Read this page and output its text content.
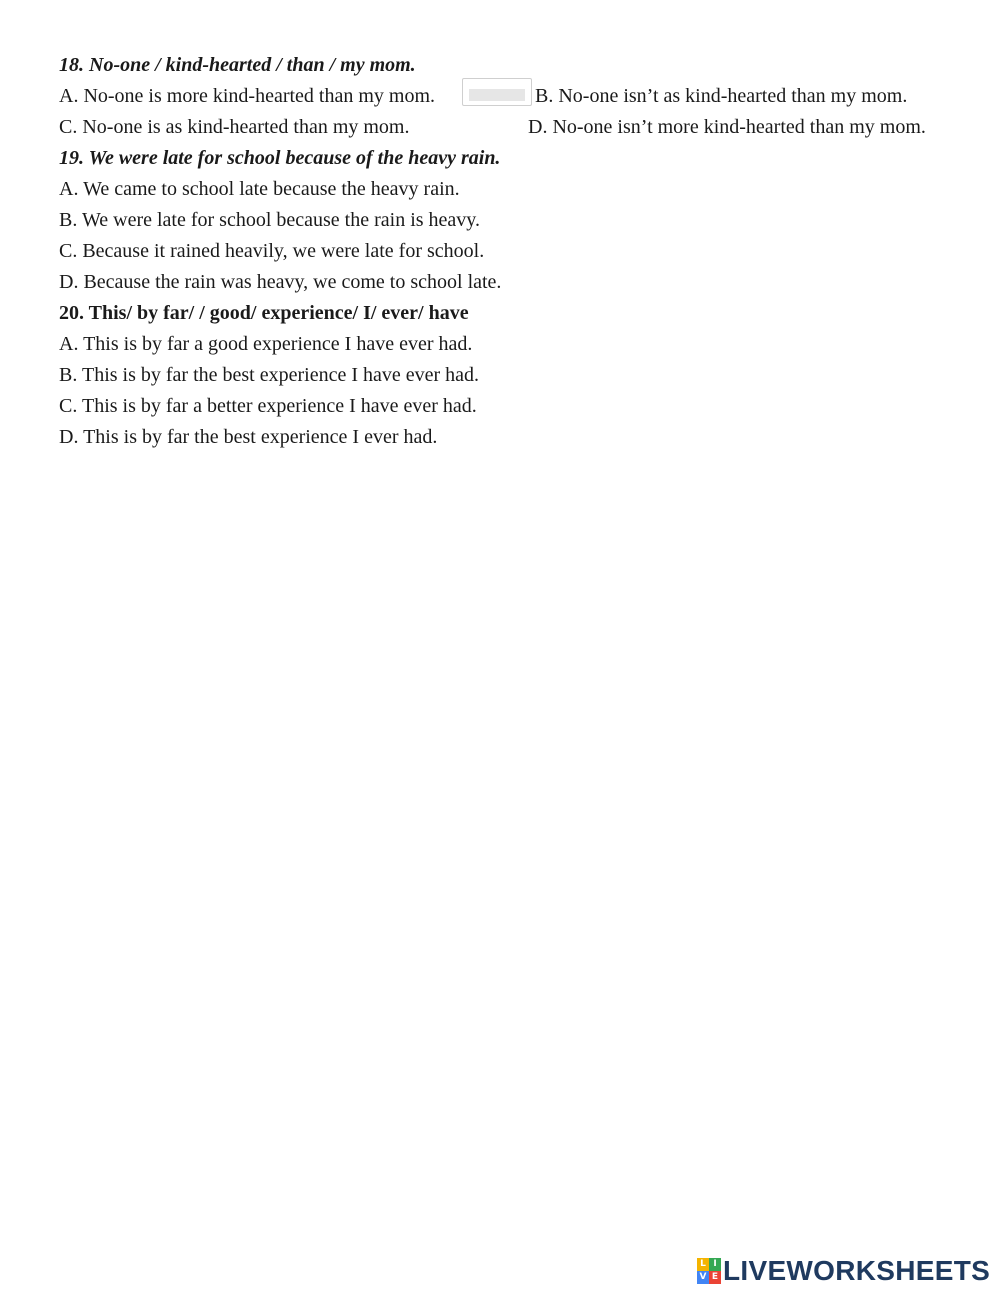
18. No-one / kind-hearted / than / my mom.
A. No-one is more kind-hearted than my mom.	B. No-one isn’t as kind-hearted than my mom.
C. No-one is as kind-hearted than my mom.	D. No-one isn’t more kind-hearted than my mom.
19. We were late for school because of the heavy rain.
A. We came to school late because the heavy rain.
B. We were late for school because the rain is heavy.
C. Because it rained heavily, we were late for school.
D. Because the rain was heavy, we come to school late.
20. This/ by far/ / good/ experience/ I/ ever/ have
A. This is by far a good experience I have ever had.
B. This is by far the best experience I have ever had.
C. This is by far a better experience I have ever had.
D. This is by far the best experience I ever had.
L I
V E LIVEWORKSHEETS
